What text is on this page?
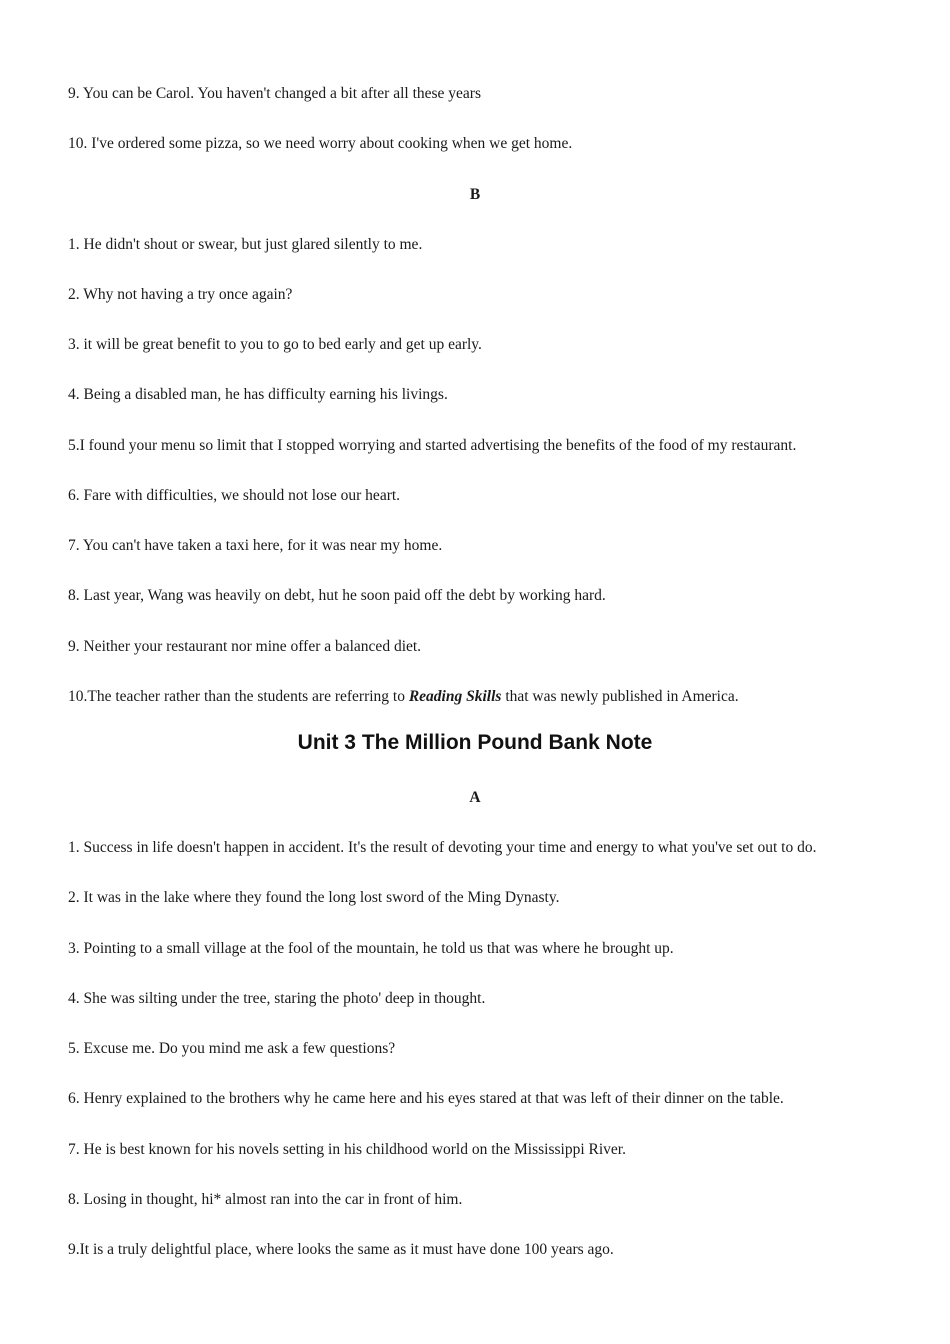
9. You can be Carol. You haven't changed a bit after all these years
10. I've ordered some pizza, so we need worry about cooking when we get home.
B
1. He didn't shout or swear, but just glared silently to me.
2. Why not having a try once again?
3. it will be great benefit to you to go to bed early and get up early.
4. Being a disabled man, he has difficulty earning his livings.
5.I found your menu so limit that I stopped worrying and started advertising the benefits of the food of my restaurant.
6. Fare with difficulties, we should not lose our heart.
7. You can't have taken a taxi here, for it was near my home.
8. Last year, Wang was heavily on debt, hut he soon paid off the debt by working hard.
9. Neither your restaurant nor mine offer a balanced diet.
10.The teacher rather than the students are referring to Reading Skills that was newly published in America.
Unit 3 The Million Pound Bank Note
A
1. Success in life doesn't happen in accident. It's the result of devoting your time and energy to what you've set out to do.
2. It was in the lake where they found the long lost sword of the Ming Dynasty.
3. Pointing to a small village at the fool of the mountain, he told us that was where he brought up.
4. She was silting under the tree, staring the photo' deep in thought.
5. Excuse me. Do you mind me ask a few questions?
6. Henry explained to the brothers why he came here and his eyes stared at that was left of their dinner on the table.
7. He is best known for his novels setting in his childhood world on the Mississippi River.
8. Losing in thought, hi* almost ran into the car in front of him.
9.It is a truly delightful place, where looks the same as it must have done 100 years ago.
